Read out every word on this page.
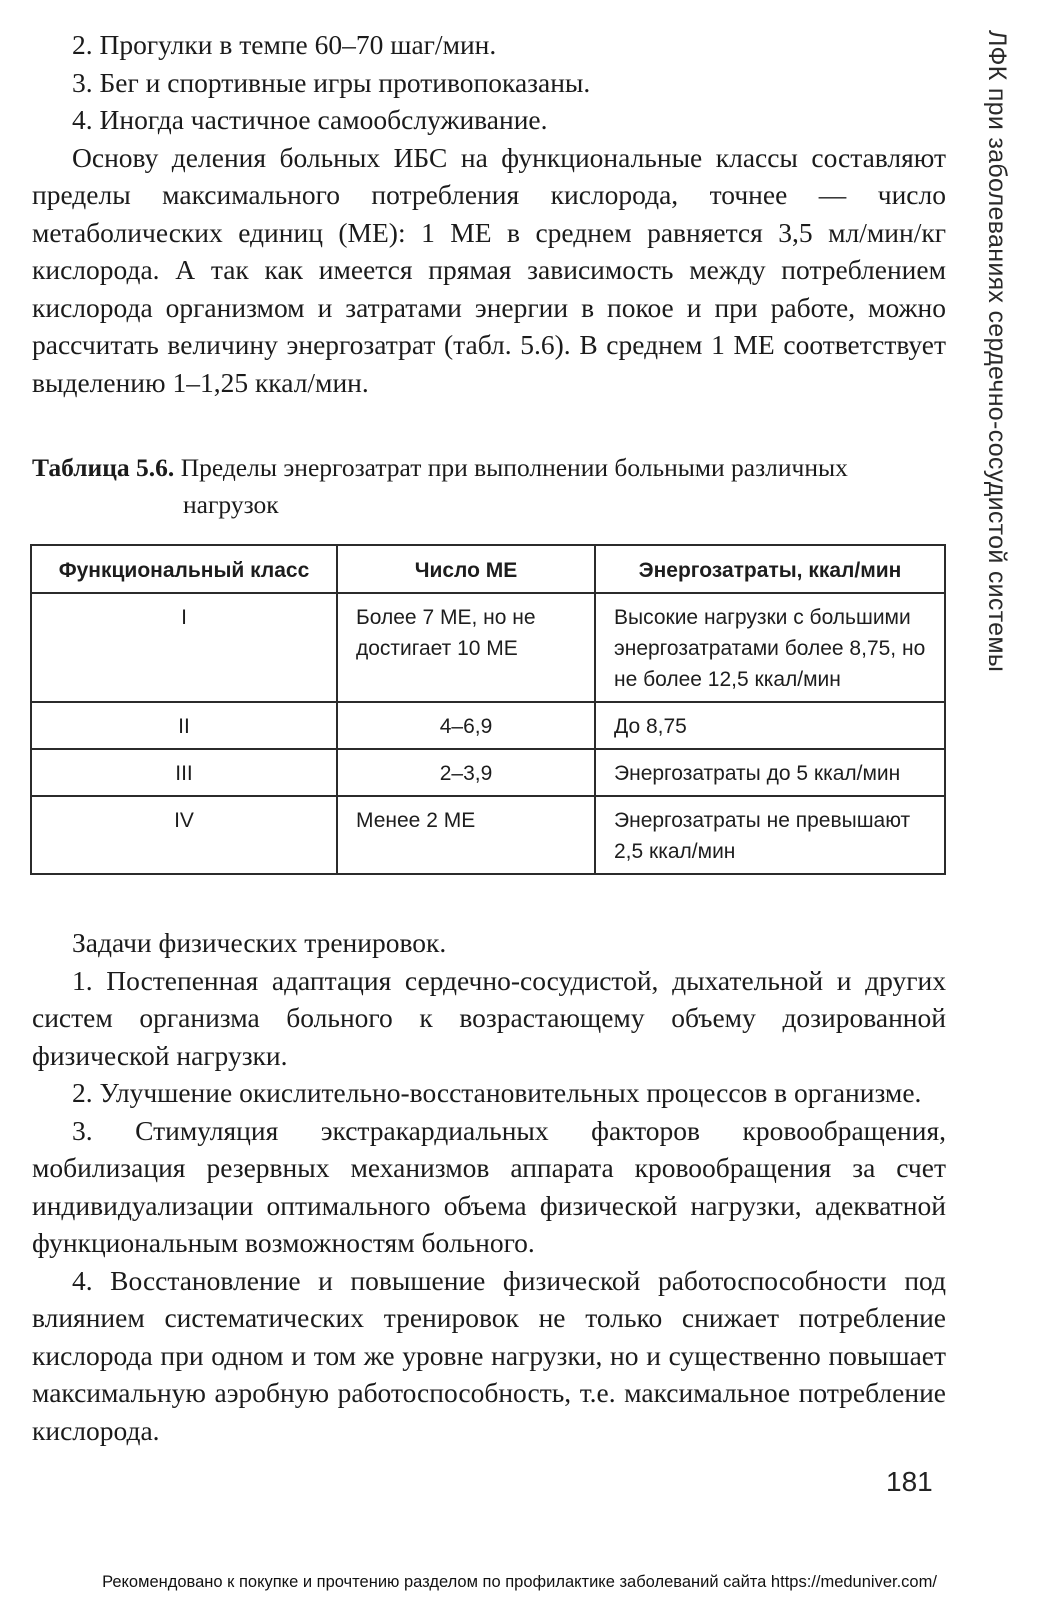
ЛФК при заболеваниях сердечно-сосудистой системы

2. Прогулки в темпе 60–70 шаг/мин.

3. Бег и спортивные игры противопоказаны.

4. Иногда частичное самообслуживание.

Основу деления больных ИБС на функциональные классы составляют пределы максимального потребления кислорода, точнее — число метаболических единиц (МЕ): 1 МЕ в среднем равняется 3,5 мл/мин/кг кислорода. А так как имеется прямая зависимость между потреблением кислорода организмом и затратами энергии в покое и при работе, можно рассчитать величину энергозатрат (табл. 5.6). В среднем 1 МЕ соответствует выделению 1–1,25 ккал/мин.

Таблица 5.6. Пределы энергозатрат при выполнении больными различных
нагрузок
Функциональный класс	Число МЕ	Энергозатраты, ккал/мин
I	Более 7 МЕ, но не достигает 10 МЕ	Высокие нагрузки с большими энергозатратами более 8,75, но не более 12,5 ккал/мин
II	4–6,9	До 8,75
III	2–3,9	Энергозатраты до 5 ккал/мин
IV	Менее 2 МЕ	Энергозатраты не превышают 2,5 ккал/мин

Задачи физических тренировок.

1. Постепенная адаптация сердечно-сосудистой, дыхательной и других систем организма больного к возрастающему объему дозированной физической нагрузки.

2. Улучшение окислительно-восстановительных процессов в организме.

3. Стимуляция экстракардиальных факторов кровообращения, мобилизация резервных механизмов аппарата кровообращения за счет индивидуализации оптимального объема физической нагрузки, адекватной функциональным возможностям больного.

4. Восстановление и повышение физической работоспособности под влиянием систематических тренировок не только снижает потребление кислорода при одном и том же уровне нагрузки, но и существенно повышает максимальную аэробную работоспособность, т.е. максимальное потребление кислорода.

181
Рекомендовано к покупке и прочтению разделом по профилактике заболеваний сайта https://meduniver.com/
